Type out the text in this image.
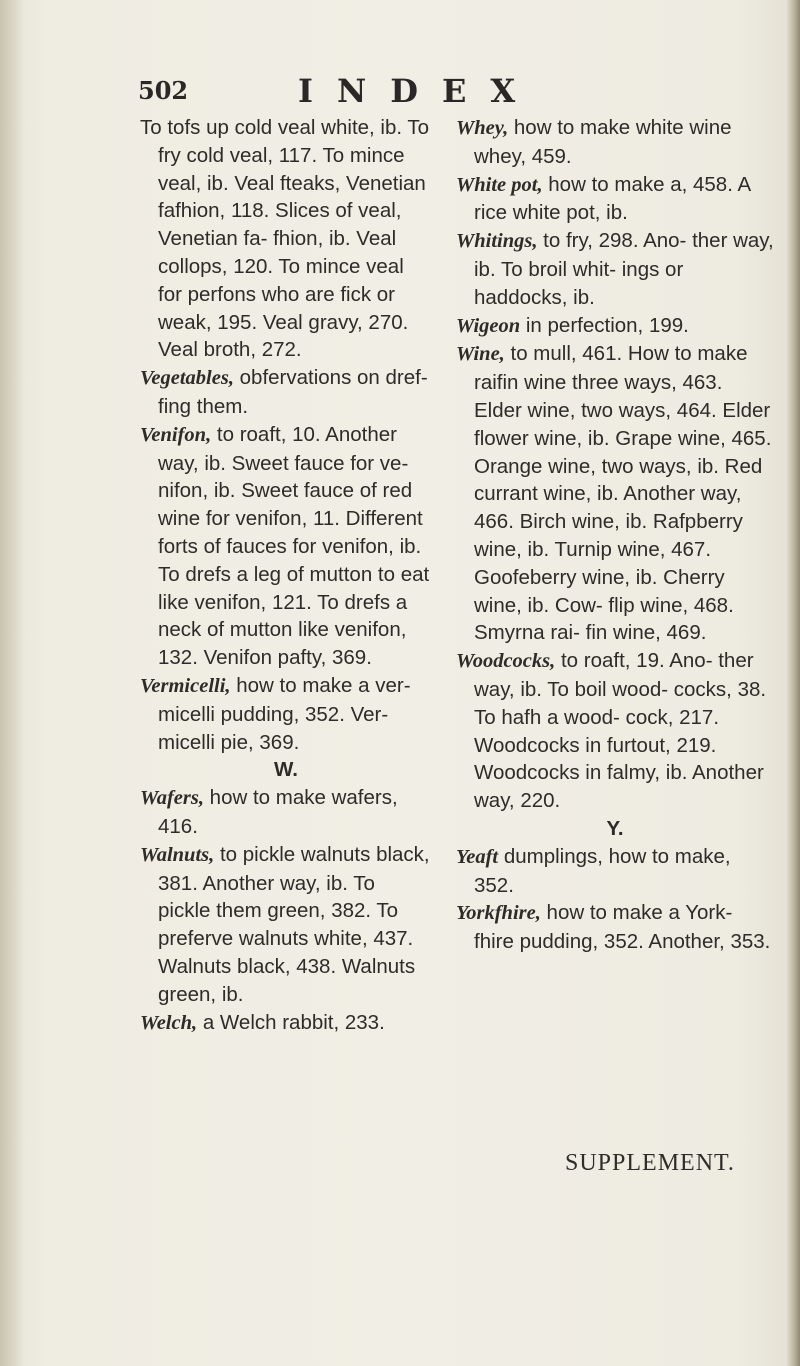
502	INDEX

To tofs up cold veal white, ib. To fry cold veal, 117. To mince veal, ib. Veal fteaks, Venetian fafhion, 118. Slices of veal, Venetian fa- fhion, ib. Veal collops, 120. To mince veal for perfons who are fick or weak, 195. Veal gravy, 270. Veal broth, 272.

Vegetables, obfervations on dref- fing them.

Venifon, to roaft, 10. Another way, ib. Sweet fauce for ve- nifon, ib. Sweet fauce of red wine for venifon, 11. Different forts of fauces for venifon, ib. To drefs a leg of mutton to eat like venifon, 121. To drefs a neck of mutton like venifon, 132. Venifon pafty, 369.

Vermicelli, how to make a ver- micelli pudding, 352. Ver- micelli pie, 369.

W.

Wafers, how to make wafers, 416.

Walnuts, to pickle walnuts black, 381. Another way, ib. To pickle them green, 382. To preferve walnuts white, 437. Walnuts black, 438. Walnuts green, ib.

Welch, a Welch rabbit, 233.

Whey, how to make white wine whey, 459.

White pot, how to make a, 458. A rice white pot, ib.

Whitings, to fry, 298. Ano- ther way, ib. To broil whit- ings or haddocks, ib.

Wigeon in perfection, 199.

Wine, to mull, 461. How to make raifin wine three ways, 463. Elder wine, two ways, 464. Elder flower wine, ib. Grape wine, 465. Orange wine, two ways, ib. Red currant wine, ib. Another way, 466. Birch wine, ib. Rafpberry wine, ib. Turnip wine, 467. Goofeberry wine, ib. Cherry wine, ib. Cow- flip wine, 468. Smyrna rai- fin wine, 469.

Woodcocks, to roaft, 19. Ano- ther way, ib. To boil wood- cocks, 38. To hafh a wood- cock, 217. Woodcocks in furtout, 219. Woodcocks in falmy, ib. Another way, 220.

Y.

Yeaft dumplings, how to make, 352.

Yorkfhire, how to make a York- fhire pudding, 352. Another, 353.

SUPPLEMENT.
